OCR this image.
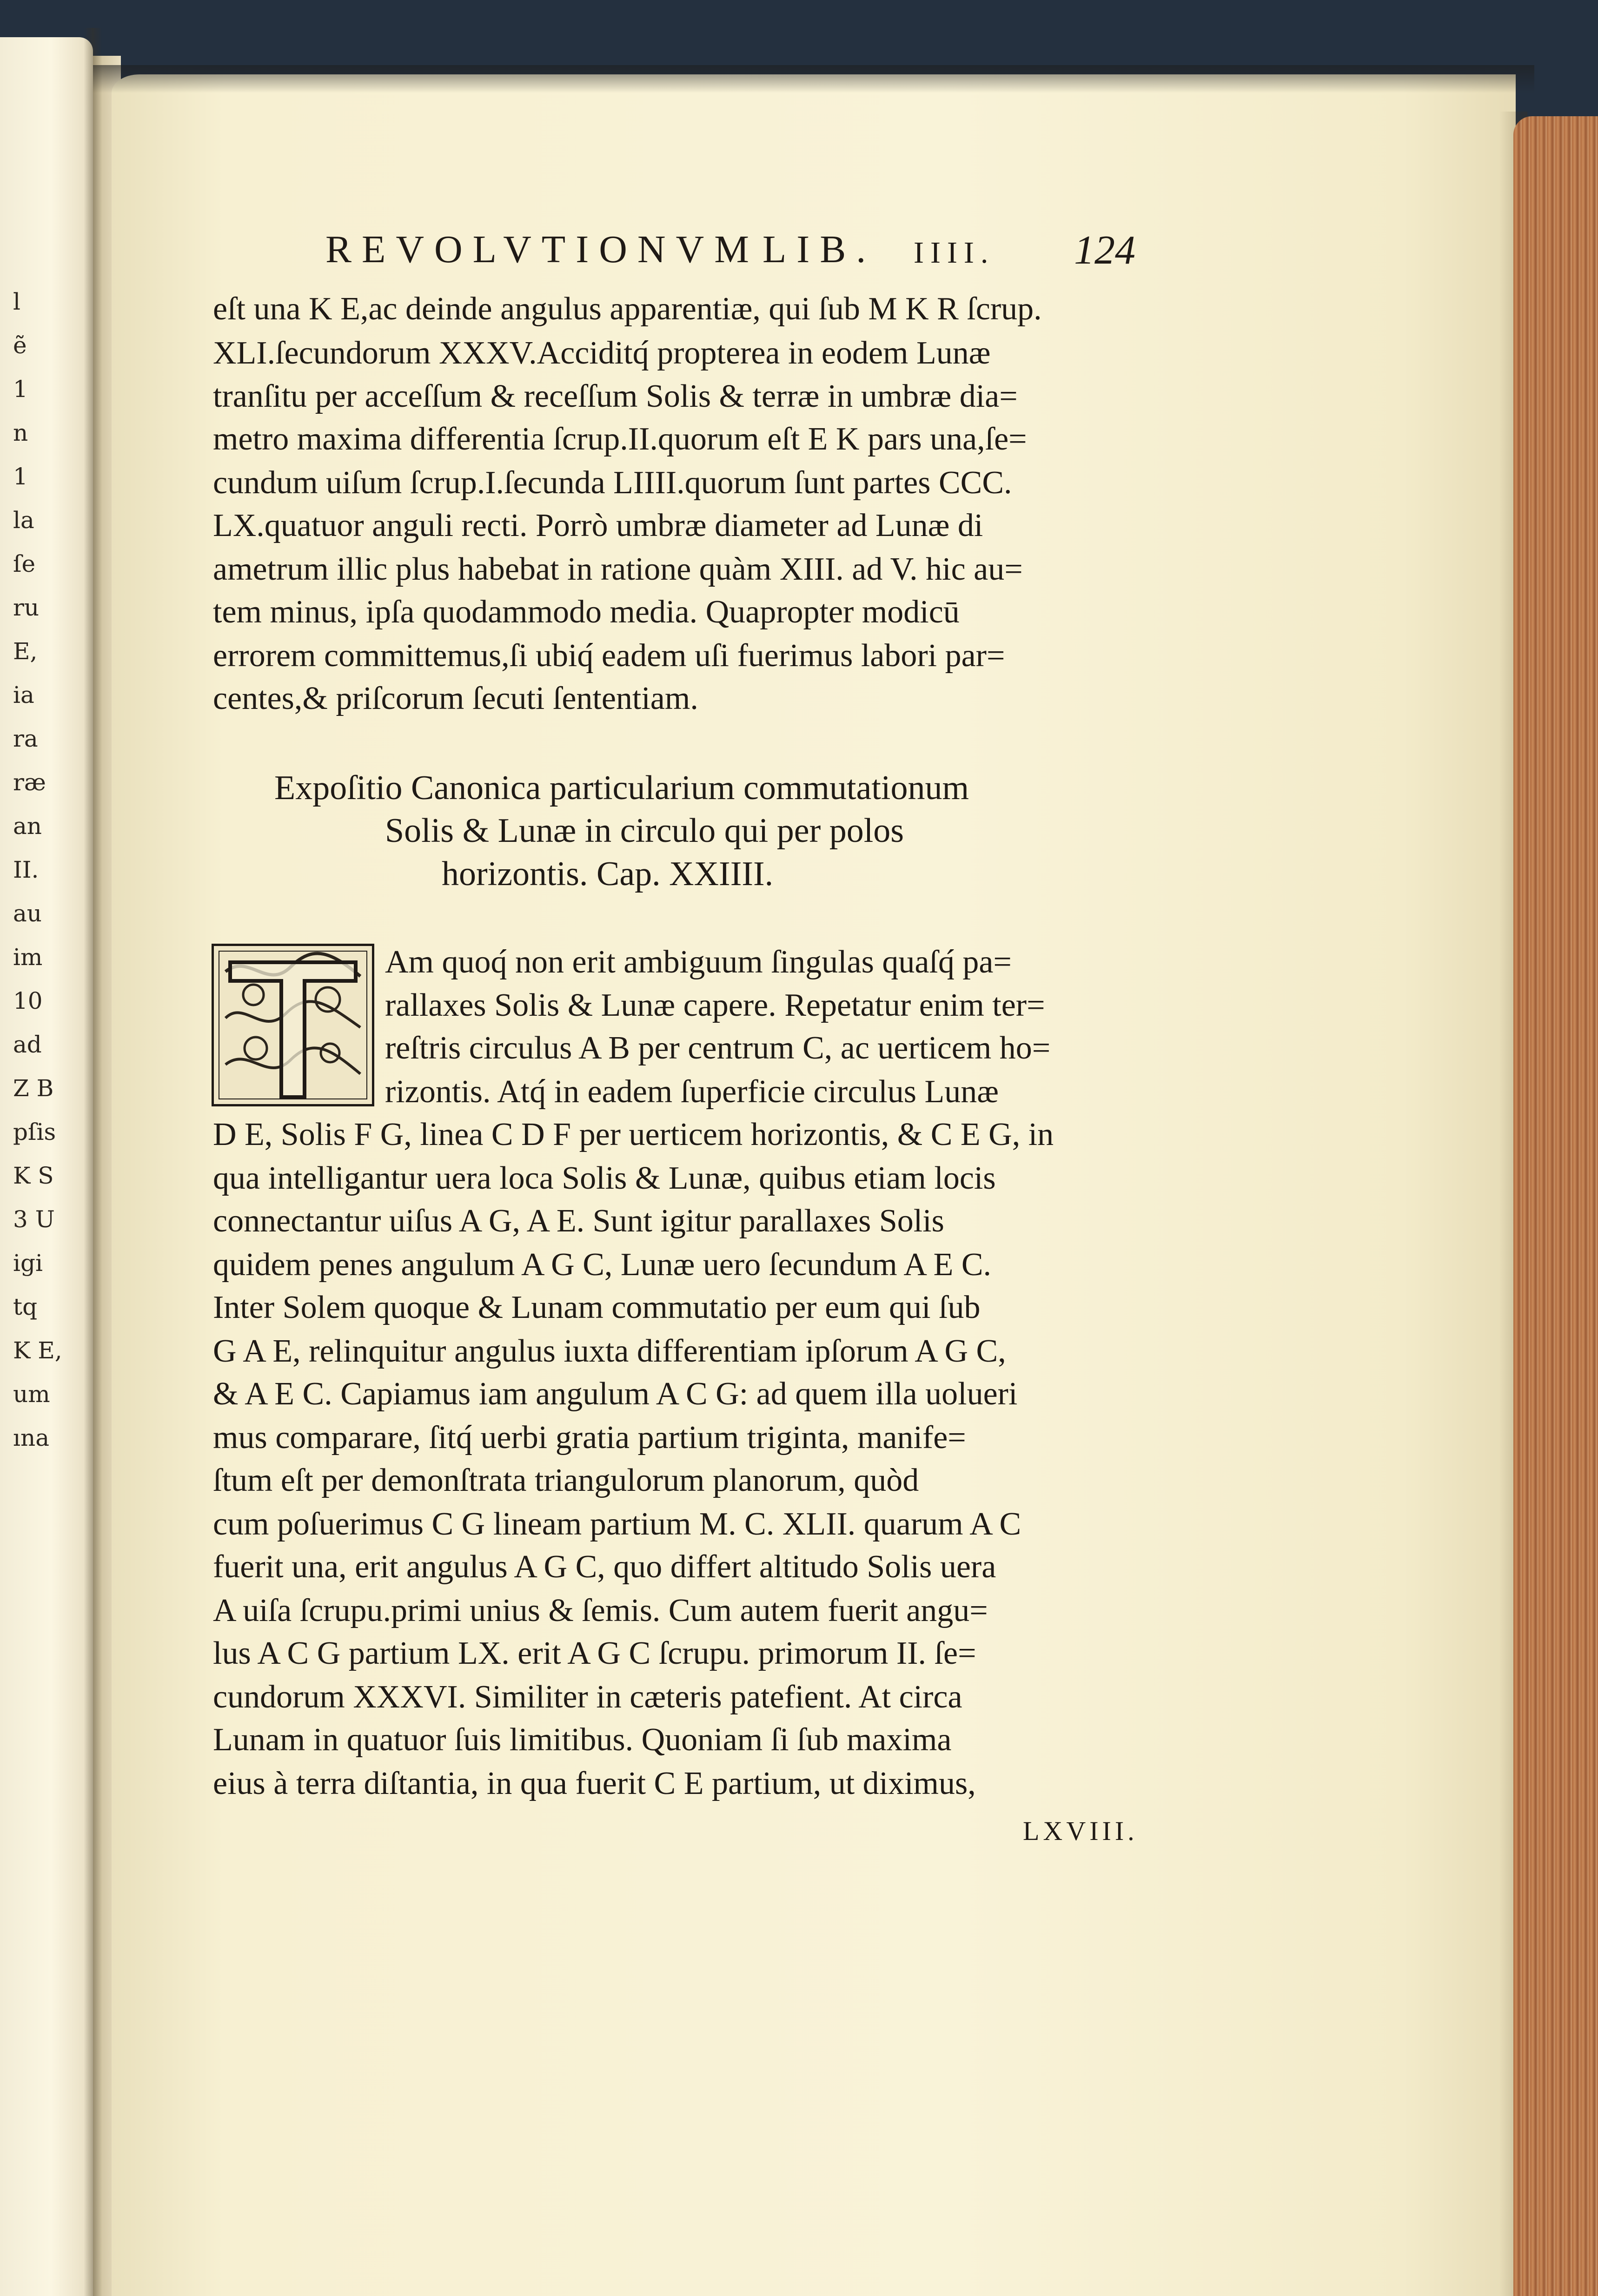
l
ẽ
1
n
1
la
ſe
ru
E,
ia
ra
ræ
an
II.
au
im
10
ad
Z B
pſis
K S
3 U
igi
tq
K E,
um
ına
REVOLVTIONVM LIB. IIII. 124
eſt una K E,ac deinde angulus apparentiæ, qui ſub M K R ſcrup.
XLI.ſecundorum XXXV.Acciditq́ propterea in eodem Lunæ
tranſitu per acceſſum & receſſum Solis & terræ in umbræ dia=
metro maxima differentia ſcrup.II.quorum eſt E K pars una,ſe=
cundum uiſum ſcrup.I.ſecunda LIIII.quorum ſunt partes CCC.
LX.quatuor anguli recti. Porrò umbræ diameter ad Lunæ di
ametrum illic plus habebat in ratione quàm XIII. ad V. hic au=
tem minus, ipſa quodammodo media. Quapropter modicū
errorem committemus,ſi ubiq́ eadem uſi fuerimus labori par=
centes,& priſcorum ſecuti ſententiam.
Expoſitio Canonica particularium commutationum
Solis & Lunæ in circulo qui per polos
horizontis. Cap. XXIIII.
Am quoq́ non erit ambiguum ſingulas quaſq́ pa=
rallaxes Solis & Lunæ capere. Repetatur enim ter=
reſtris circulus A B per centrum C, ac uerticem ho=
rizontis. Atq́ in eadem ſuperficie circulus Lunæ
D E, Solis F G, linea C D F per uerticem horizontis, & C E G, in
qua intelligantur uera loca Solis & Lunæ, quibus etiam locis
connectantur uiſus A G, A E. Sunt igitur parallaxes Solis
quidem penes angulum A G C, Lunæ uero ſecundum A E C.
Inter Solem quoque & Lunam commutatio per eum qui ſub
G A E, relinquitur angulus iuxta differentiam ipſorum A G C,
& A E C. Capiamus iam angulum A C G: ad quem illa uolueri
mus comparare, ſitq́ uerbi gratia partium triginta, manife=
ſtum eſt per demonſtrata triangulorum planorum, quòd
cum poſuerimus C G lineam partium M. C. XLII. quarum A C
fuerit una, erit angulus A G C, quo differt altitudo Solis uera
A uiſa ſcrupu.primi unius & ſemis. Cum autem fuerit angu=
lus A C G partium LX. erit A G C ſcrupu. primorum II. ſe=
cundorum XXXVI. Similiter in cæteris patefient. At circa
Lunam in quatuor ſuis limitibus. Quoniam ſi ſub maxima
eius à terra diſtantia, in qua fuerit C E partium, ut diximus,
LXVIII.
